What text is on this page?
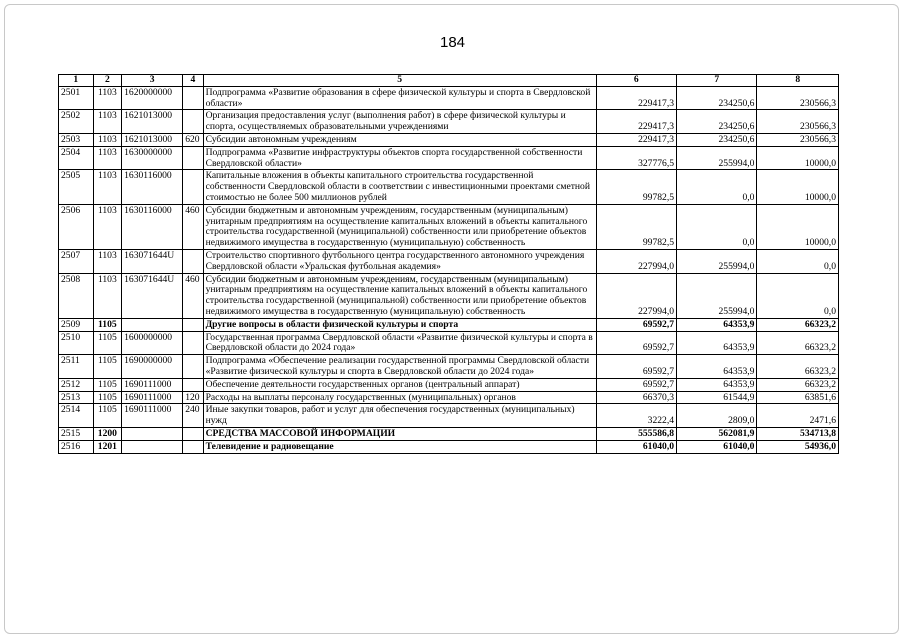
184
1	2	3	4	5	6	7	8
2501	1103	1620000000		Подпрограмма «Развитие образования в сфере физической культуры и спорта в Свердловской области»	229417,3	234250,6	230566,3
2502	1103	1621013000		Организация предоставления услуг (выполнения работ) в сфере физической культуры и спорта, осуществляемых образовательными учреждениями	229417,3	234250,6	230566,3
2503	1103	1621013000	620	Субсидии автономным учреждениям	229417,3	234250,6	230566,3
2504	1103	1630000000		Подпрограмма «Развитие инфраструктуры объектов спорта государственной собственности Свердловской области»	327776,5	255994,0	10000,0
2505	1103	1630116000		Капитальные вложения в объекты капитального строительства государственной собственности Свердловской области в соответствии с инвестиционными проектами сметной стоимостью не более 500 миллионов рублей	99782,5	0,0	10000,0
2506	1103	1630116000	460	Субсидии бюджетным и автономным учреждениям, государственным (муниципальным) унитарным предприятиям на осуществление капитальных вложений в объекты капитального строительства государственной (муниципальной) собственности или приобретение объектов недвижимого имущества в государственную (муниципальную) собственность	99782,5	0,0	10000,0
2507	1103	163071644U		Строительство спортивного футбольного центра государственного автономного учреждения Свердловской области «Уральская футбольная академия»	227994,0	255994,0	0,0
2508	1103	163071644U	460	Субсидии бюджетным и автономным учреждениям, государственным (муниципальным) унитарным предприятиям на осуществление капитальных вложений в объекты капитального строительства государственной (муниципальной) собственности или приобретение объектов недвижимого имущества в государственную (муниципальную) собственность	227994,0	255994,0	0,0
2509	1105			Другие вопросы в области физической культуры и спорта	69592,7	64353,9	66323,2
2510	1105	1600000000		Государственная программа Свердловской области «Развитие физической культуры и спорта в Свердловской области до 2024 года»	69592,7	64353,9	66323,2
2511	1105	1690000000		Подпрограмма «Обеспечение реализации государственной программы Свердловской области «Развитие физической культуры и спорта в Свердловской области до 2024 года»	69592,7	64353,9	66323,2
2512	1105	1690111000		Обеспечение деятельности государственных органов (центральный аппарат)	69592,7	64353,9	66323,2
2513	1105	1690111000	120	Расходы на выплаты персоналу государственных (муниципальных) органов	66370,3	61544,9	63851,6
2514	1105	1690111000	240	Иные закупки товаров, работ и услуг для обеспечения государственных (муниципальных) нужд	3222,4	2809,0	2471,6
2515	1200			СРЕДСТВА МАССОВОЙ ИНФОРМАЦИИ	555586,8	562081,9	534713,8
2516	1201			Телевидение и радиовещание	61040,0	61040,0	54936,0
